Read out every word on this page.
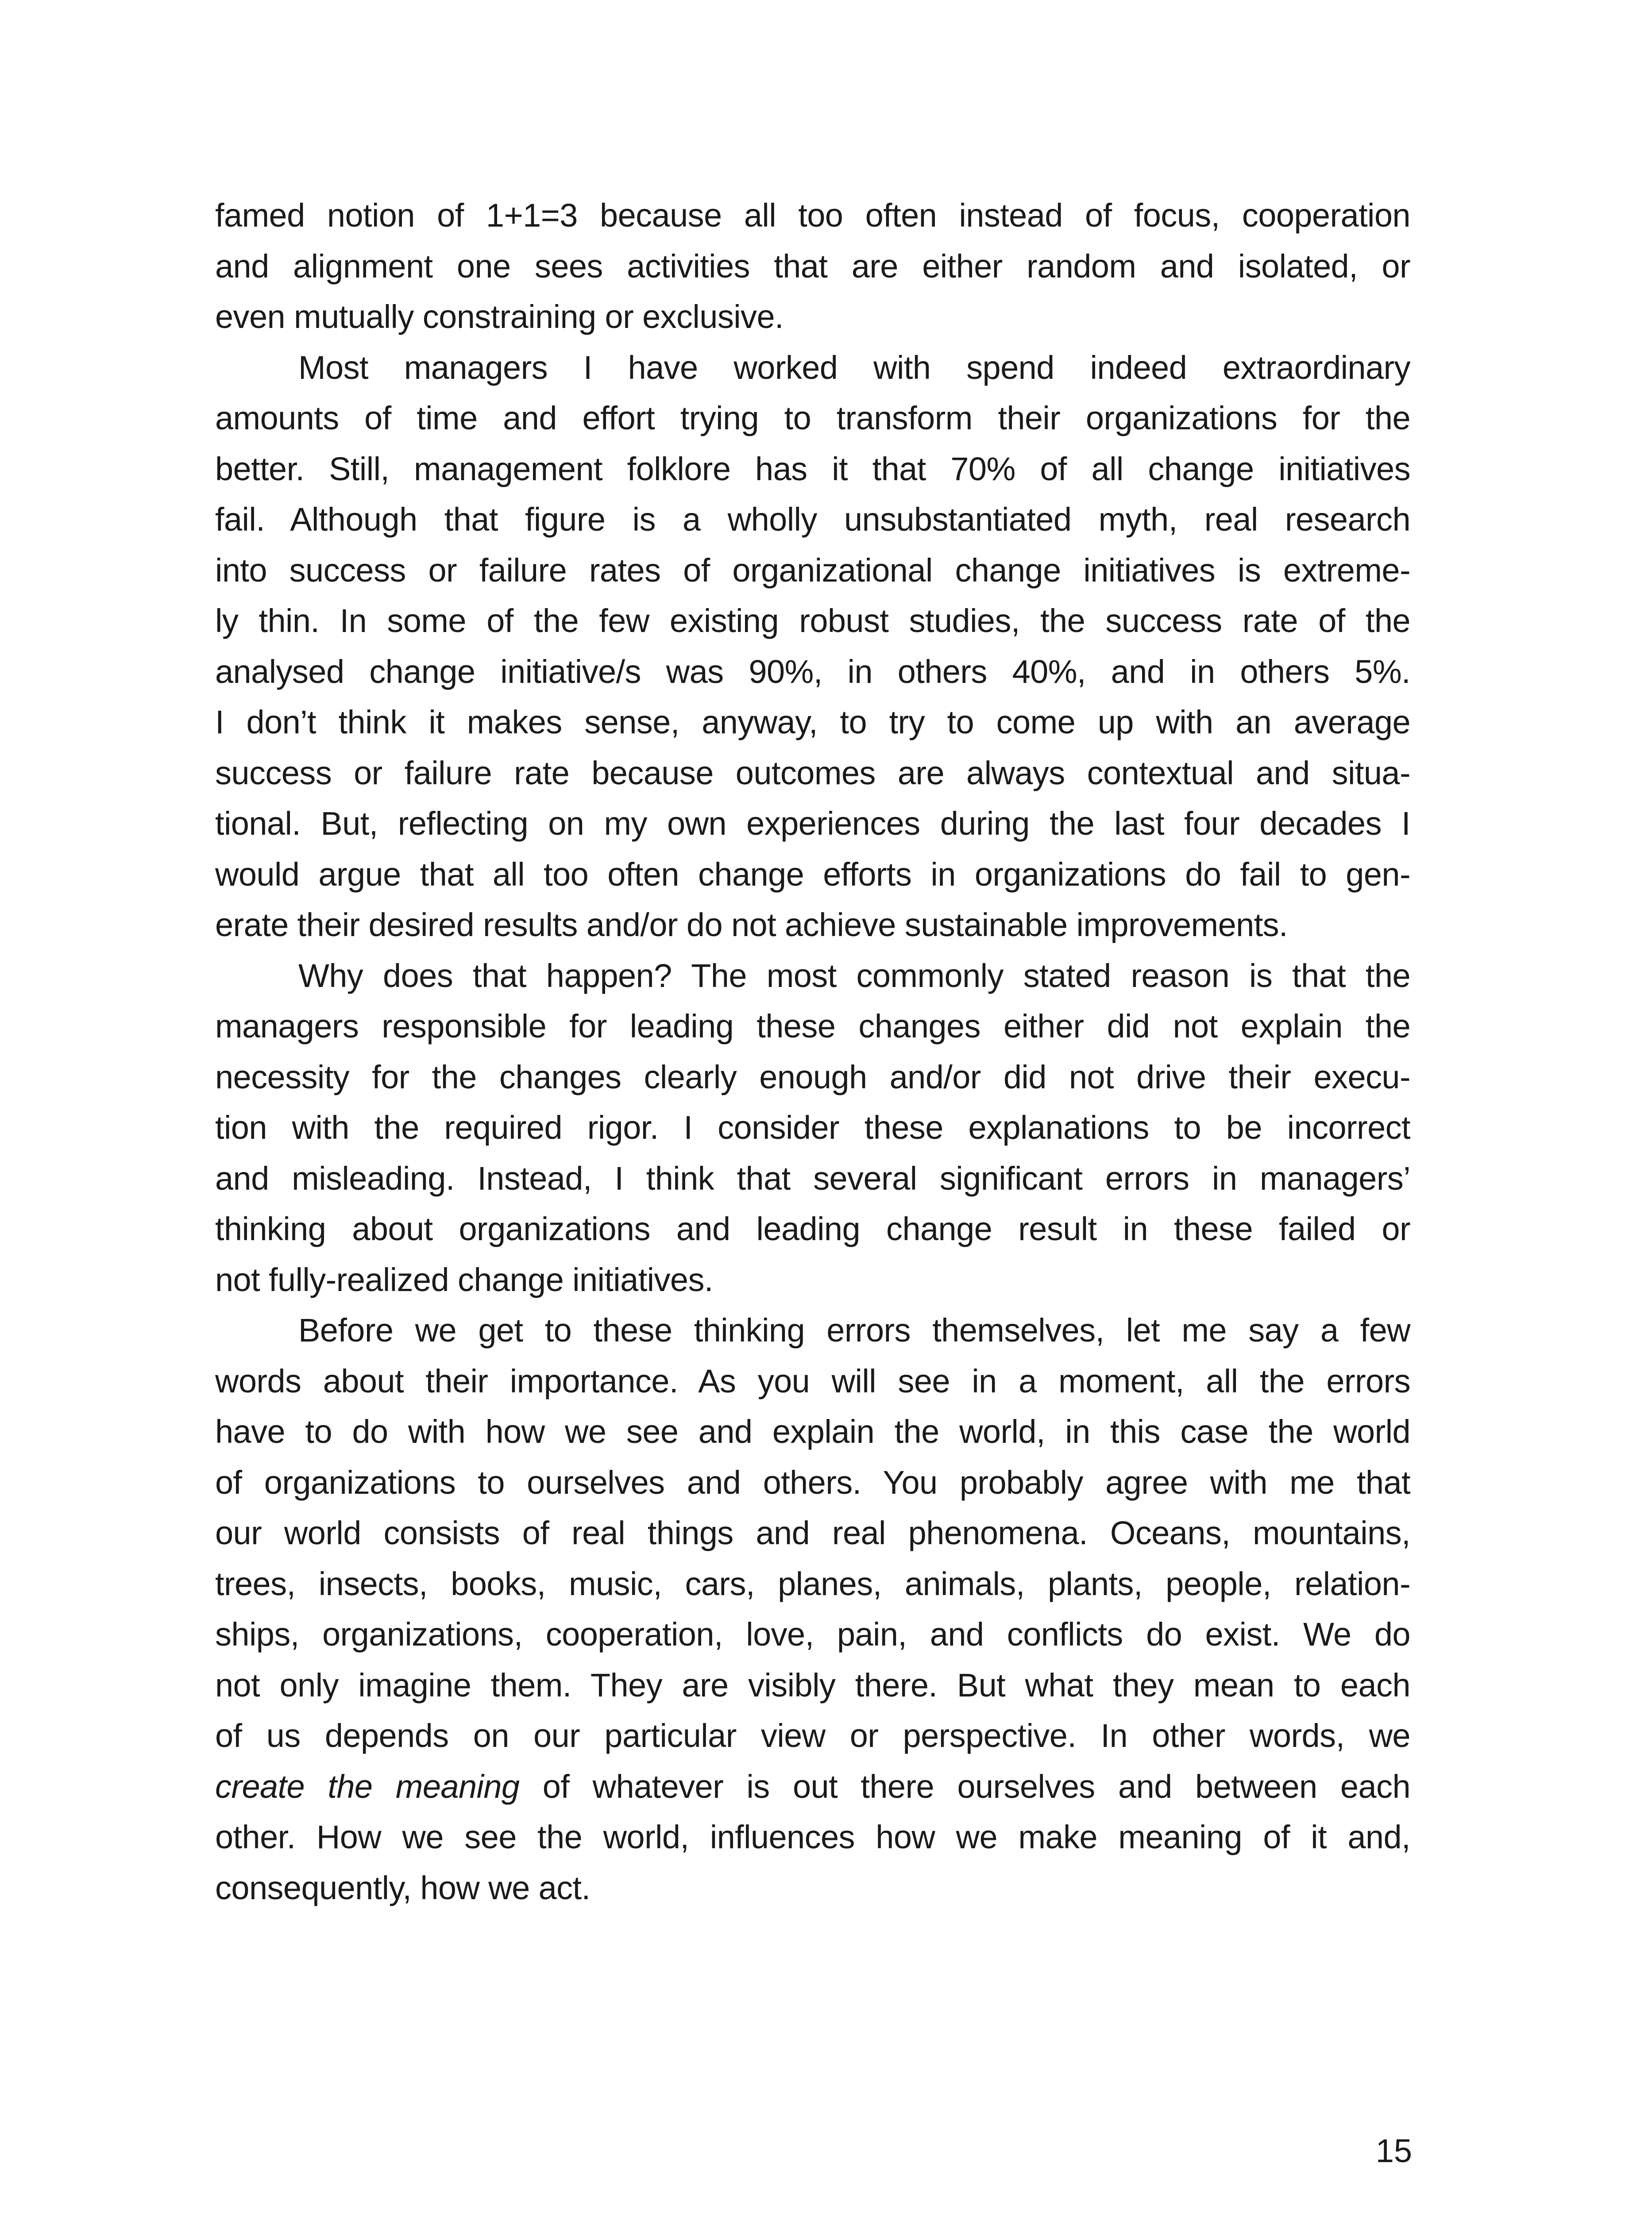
famed notion of 1+1=3 because all too often instead of focus, cooperation
and alignment one sees activities that are either random and isolated, or
even mutually constraining or exclusive.
Most managers I have worked with spend indeed extraordinary
amounts of time and effort trying to transform their organizations for the
better. Still, management folklore has it that 70% of all change initiatives
fail. Although that figure is a wholly unsubstantiated myth, real research
into success or failure rates of organizational change initiatives is extreme-
ly thin. In some of the few existing robust studies, the success rate of the
analysed change initiative/s was 90%, in others 40%, and in others 5%.
I don’t think it makes sense, anyway, to try to come up with an average
success or failure rate because outcomes are always contextual and situa-
tional. But, reflecting on my own experiences during the last four decades I
would argue that all too often change efforts in organizations do fail to gen-
erate their desired results and/or do not achieve sustainable improvements.
Why does that happen? The most commonly stated reason is that the
managers responsible for leading these changes either did not explain the
necessity for the changes clearly enough and/or did not drive their execu-
tion with the required rigor. I consider these explanations to be incorrect
and misleading. Instead, I think that several significant errors in managers’
thinking about organizations and leading change result in these failed or
not fully-realized change initiatives.
Before we get to these thinking errors themselves, let me say a few
words about their importance. As you will see in a moment, all the errors
have to do with how we see and explain the world, in this case the world
of organizations to ourselves and others. You probably agree with me that
our world consists of real things and real phenomena. Oceans, mountains,
trees, insects, books, music, cars, planes, animals, plants, people, relation-
ships, organizations, cooperation, love, pain, and conflicts do exist. We do
not only imagine them. They are visibly there. But what they mean to each
of us depends on our particular view or perspective. In other words, we
create the meaning of whatever is out there ourselves and between each
other. How we see the world, influences how we make meaning of it and,
consequently, how we act.
15
